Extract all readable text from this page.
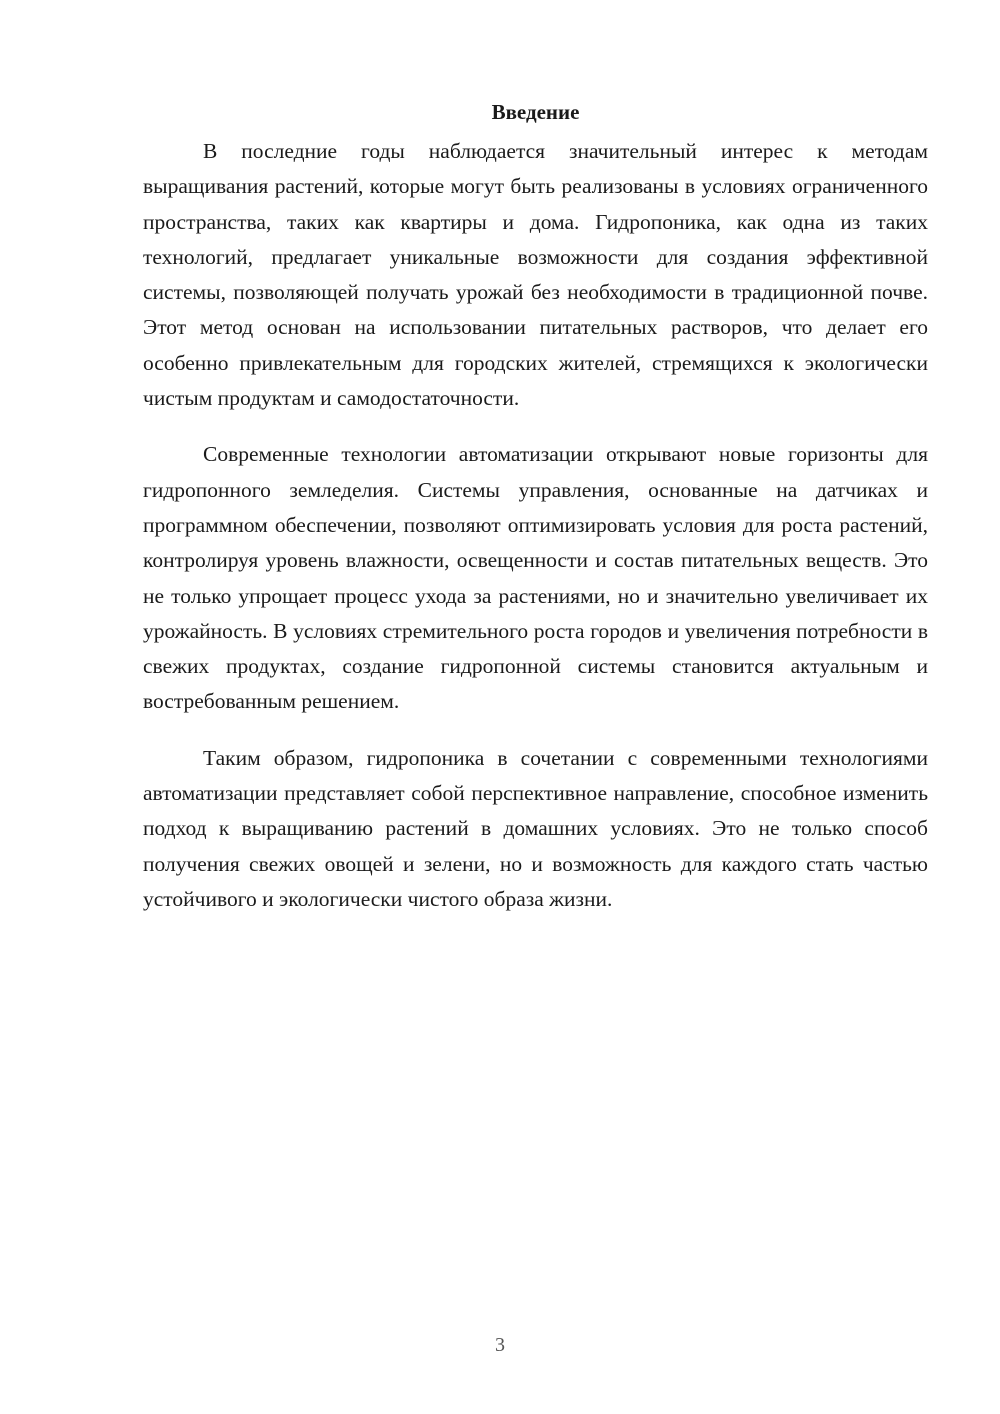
Введение

В последние годы наблюдается значительный интерес к методам выращивания растений, которые могут быть реализованы в условиях ограниченного пространства, таких как квартиры и дома. Гидропоника, как одна из таких технологий, предлагает уникальные возможности для создания эффективной системы, позволяющей получать урожай без необходимости в традиционной почве. Этот метод основан на использовании питательных растворов, что делает его особенно привлекательным для городских жителей, стремящихся к экологически чистым продуктам и самодостаточности.

Современные технологии автоматизации открывают новые горизонты для гидропонного земледелия. Системы управления, основанные на датчиках и программном обеспечении, позволяют оптимизировать условия для роста растений, контролируя уровень влажности, освещенности и состав питательных веществ. Это не только упрощает процесс ухода за растениями, но и значительно увеличивает их урожайность. В условиях стремительного роста городов и увеличения потребности в свежих продуктах, создание гидропонной системы становится актуальным и востребованным решением.

Таким образом, гидропоника в сочетании с современными технологиями автоматизации представляет собой перспективное направление, способное изменить подход к выращиванию растений в домашних условиях. Это не только способ получения свежих овощей и зелени, но и возможность для каждого стать частью устойчивого и экологически чистого образа жизни.

3
